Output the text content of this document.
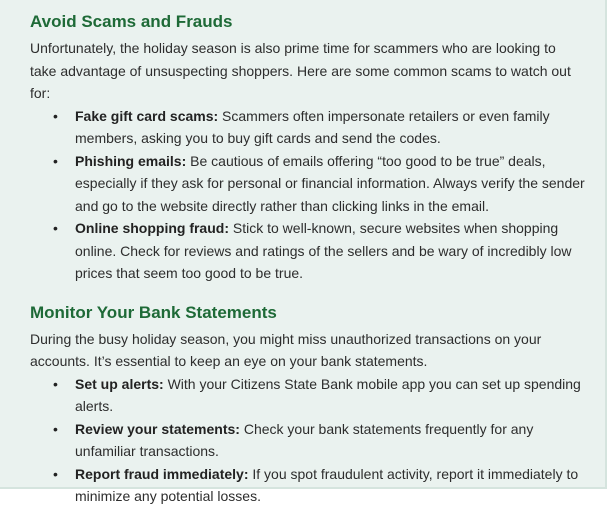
Avoid Scams and Frauds

Unfortunately, the holiday season is also prime time for scammers who are looking to take advantage of unsuspecting shoppers. Here are some common scams to watch out for:

• Fake gift card scams: Scammers often impersonate retailers or even family members, asking you to buy gift cards and send the codes.
• Phishing emails: Be cautious of emails offering “too good to be true” deals, especially if they ask for personal or financial information. Always verify the sender and go to the website directly rather than clicking links in the email.
• Online shopping fraud: Stick to well-known, secure websites when shopping online. Check for reviews and ratings of the sellers and be wary of incredibly low prices that seem too good to be true.
Monitor Your Bank Statements

During the busy holiday season, you might miss unauthorized transactions on your accounts. It’s essential to keep an eye on your bank statements.

• Set up alerts: With your Citizens State Bank mobile app you can set up spending alerts.
• Review your statements: Check your bank statements frequently for any unfamiliar transactions.
• Report fraud immediately: If you spot fraudulent activity, report it immediately to minimize any potential losses.
